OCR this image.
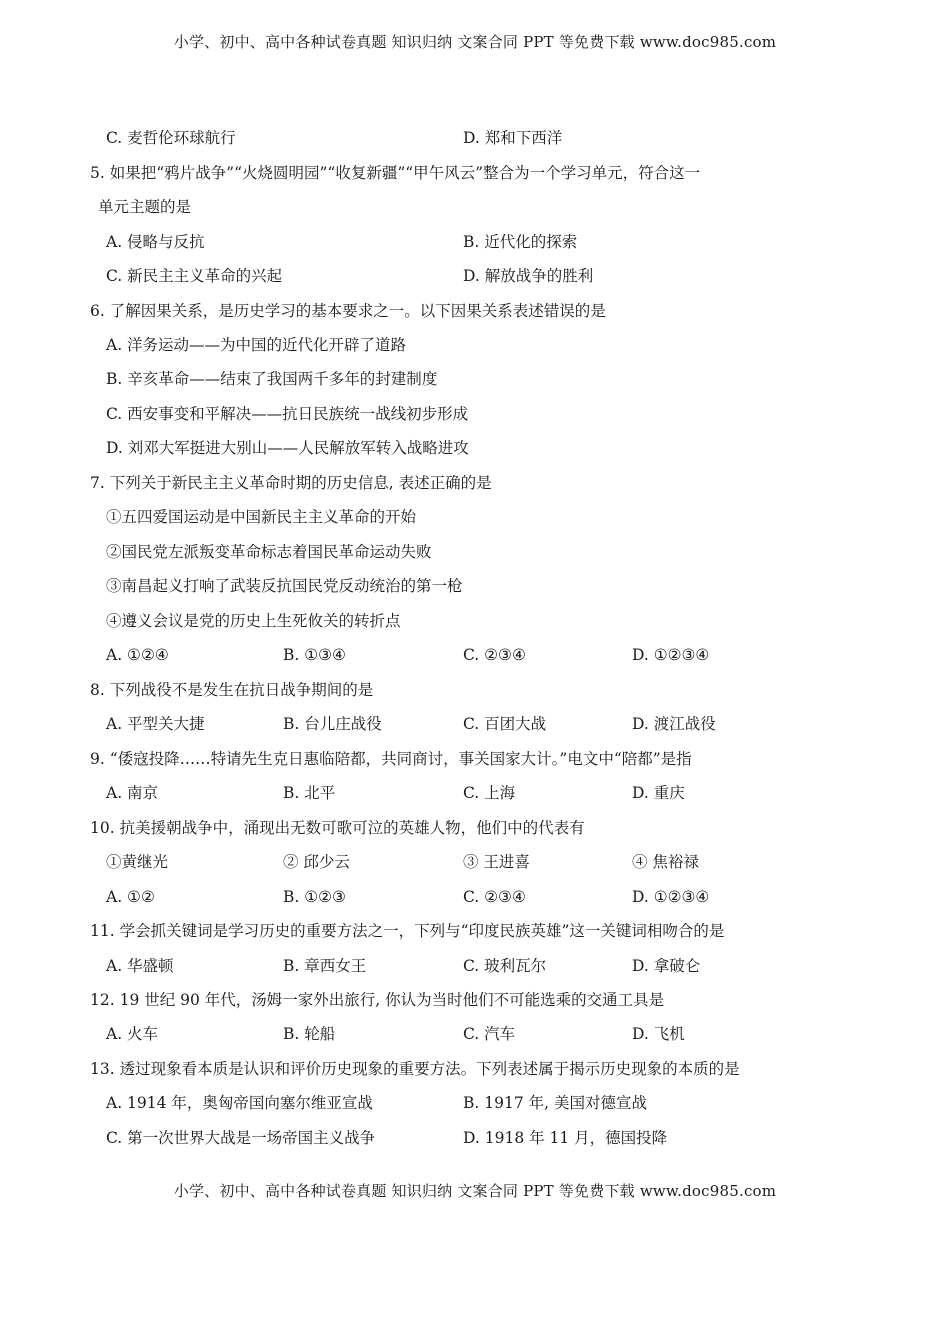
小学、初中、高中各种试卷真题 知识归纳 文案合同 PPT 等免费下载 www.doc985.com
C. 麦哲伦环球航行	D. 郑和下西洋
5. 如果把“鸦片战争”“火烧圆明园”“收复新疆”“甲午风云”整合为一个学习单元，符合这一
单元主题的是
A. 侵略与反抗	B. 近代化的探索
C. 新民主主义革命的兴起	D. 解放战争的胜利
6. 了解因果关系，是历史学习的基本要求之一。以下因果关系表述错误的是
A. 洋务运动——为中国的近代化开辟了道路
B. 辛亥革命——结束了我国两千多年的封建制度
C. 西安事变和平解决——抗日民族统一战线初步形成
D. 刘邓大军挺进大别山——人民解放军转入战略进攻
7. 下列关于新民主主义革命时期的历史信息, 表述正确的是
①五四爱国运动是中国新民主主义革命的开始
②国民党左派叛变革命标志着国民革命运动失败
③南昌起义打响了武装反抗国民党反动统治的第一枪
④遵义会议是党的历史上生死攸关的转折点
A. ①②④	B. ①③④	C. ②③④	D. ①②③④
8. 下列战役不是发生在抗日战争期间的是
A. 平型关大捷	B. 台儿庄战役	C. 百团大战	D. 渡江战役
9. “倭寇投降……特请先生克日惠临陪都，共同商讨，事关国家大计。”电文中“陪都”是指
A. 南京	B. 北平	C. 上海	D. 重庆
10. 抗美援朝战争中，涌现出无数可歌可泣的英雄人物，他们中的代表有
①黄继光	② 邱少云	③ 王进喜	④ 焦裕禄
A. ①②	B. ①②③	C. ②③④	D. ①②③④
11. 学会抓关键词是学习历史的重要方法之一，下列与“印度民族英雄”这一关键词相吻合的是
A. 华盛顿	B. 章西女王	C. 玻利瓦尔	D. 拿破仑
12. 19 世纪 90 年代，汤姆一家外出旅行, 你认为当时他们不可能选乘的交通工具是
A. 火车	B. 轮船	C. 汽车	D. 飞机
13. 透过现象看本质是认识和评价历史现象的重要方法。下列表述属于揭示历史现象的本质的是
A. 1914 年，奥匈帝国向塞尔维亚宣战	B. 1917 年, 美国对德宣战
C. 第一次世界大战是一场帝国主义战争	D. 1918 年 11 月，德国投降
小学、初中、高中各种试卷真题 知识归纳 文案合同 PPT 等免费下载 www.doc985.com
